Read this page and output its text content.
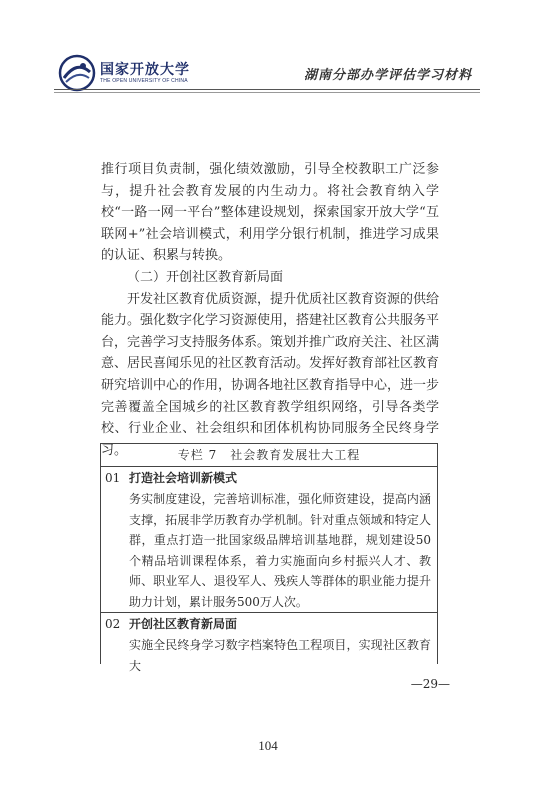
国家开放大学
THE OPEN UNIVERSITY OF CHINA	湖南分部办学评估学习材料

推行项目负责制，强化绩效激励，引导全校教职工广泛参与，提升社会教育发展的内生动力。将社会教育纳入学校“一路一网一平台”整体建设规划，探索国家开放大学“互联网+”社会培训模式，利用学分银行机制，推进学习成果的认证、积累与转换。

（二）开创社区教育新局面

开发社区教育优质资源，提升优质社区教育资源的供给能力。强化数字化学习资源使用，搭建社区教育公共服务平台，完善学习支持服务体系。策划并推广政府关注、社区满意、居民喜闻乐见的社区教育活动。发挥好教育部社区教育研究培训中心的作用，协调各地社区教育指导中心，进一步完善覆盖全国城乡的社区教育教学组织网络，引导各类学校、行业企业、社会组织和团体机构协同服务全民终身学习。	专栏 7　社会教育发展壮大工程
01 打造社会培训新模式
务实制度建设，完善培训标准，强化师资建设，提高内涵支撑，拓展非学历教育办学机制。针对重点领域和特定人群，重点打造一批国家级品牌培训基地群，规划建设50个精品培训课程体系，着力实施面向乡村振兴人才、教师、职业军人、退役军人、残疾人等群体的职业能力提升助力计划，累计服务500万人次。
02 开创社区教育新局面
实施全民终身学习数字档案特色工程项目，实现社区教育大
—29—
104
